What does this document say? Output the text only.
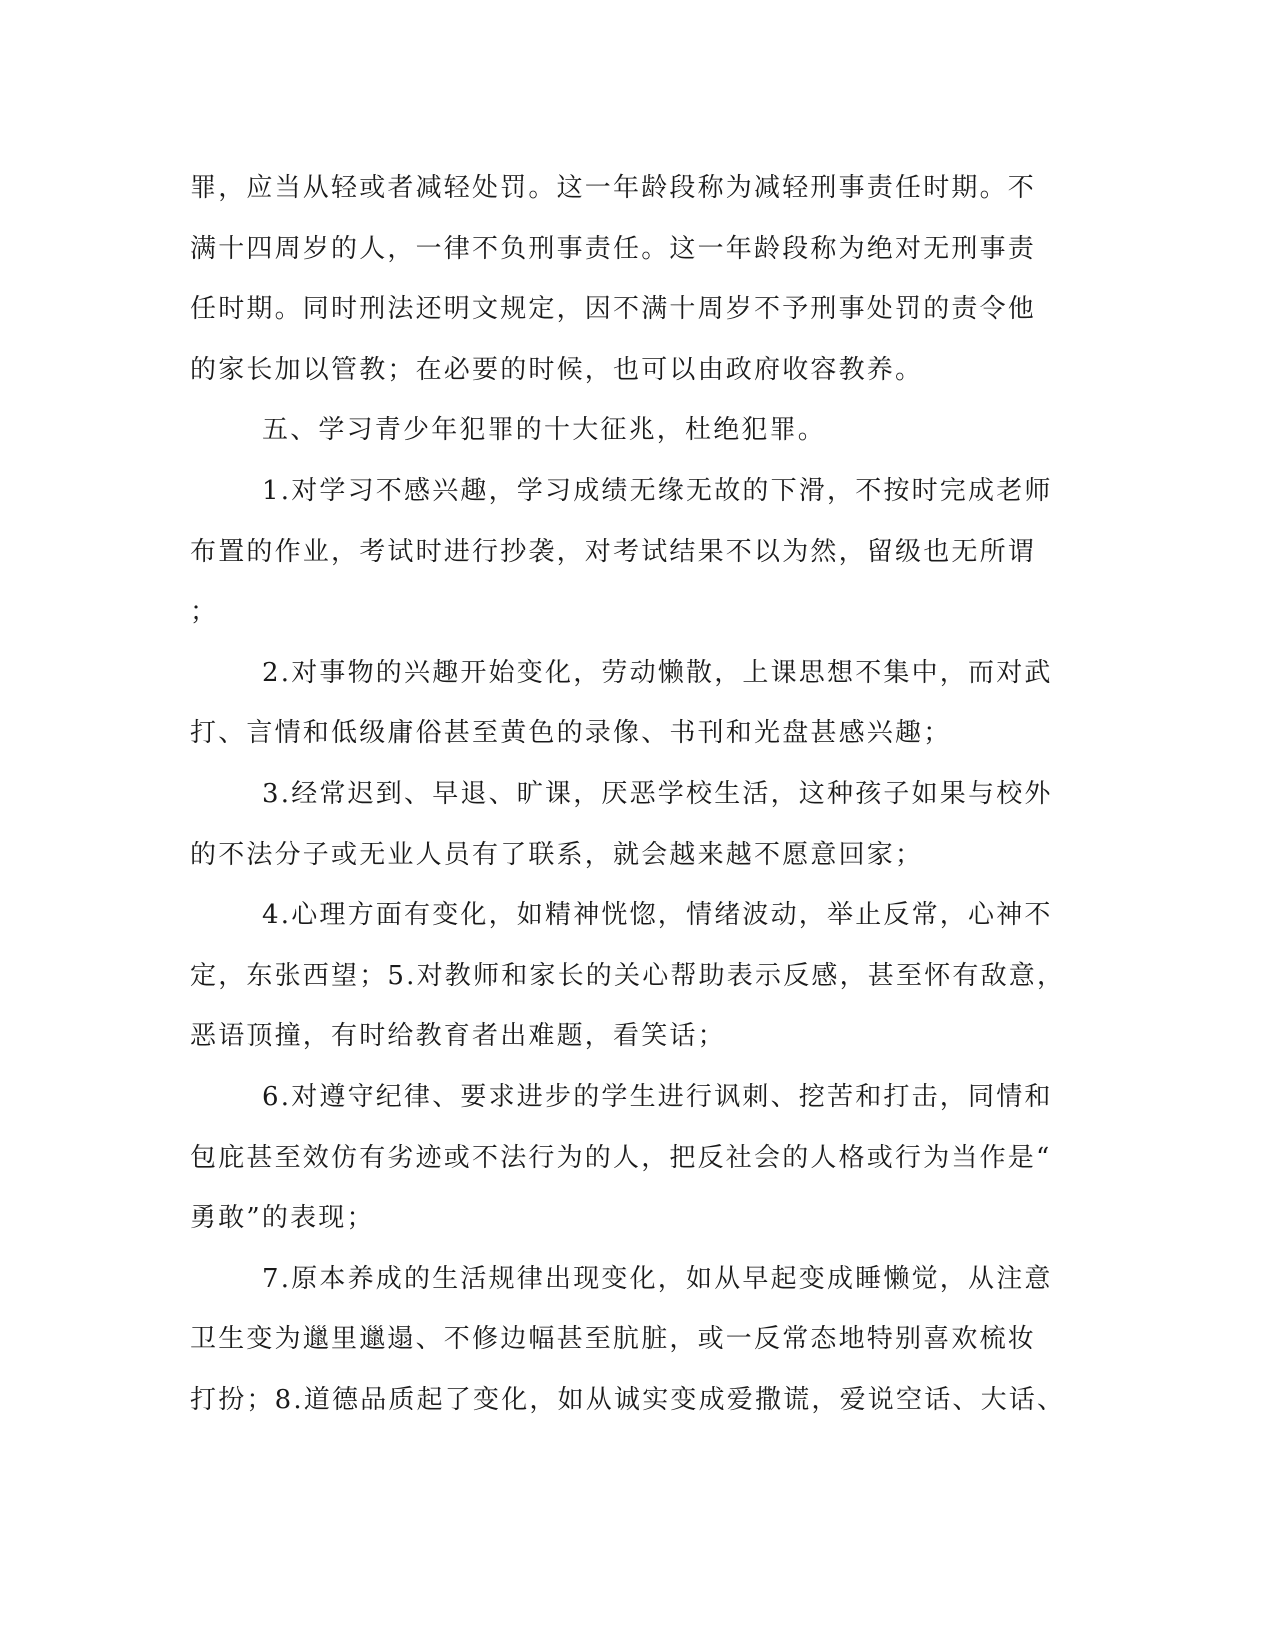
罪，应当从轻或者减轻处罚。这一年龄段称为减轻刑事责任时期。不

满十四周岁的人，一律不负刑事责任。这一年龄段称为绝对无刑事责

任时期。同时刑法还明文规定，因不满十周岁不予刑事处罚的责令他

的家长加以管教；在必要的时候，也可以由政府收容教养。

五、学习青少年犯罪的十大征兆，杜绝犯罪。

1.对学习不感兴趣，学习成绩无缘无故的下滑，不按时完成老师

布置的作业，考试时进行抄袭，对考试结果不以为然，留级也无所谓

；

2.对事物的兴趣开始变化，劳动懒散，上课思想不集中，而对武

打、言情和低级庸俗甚至黄色的录像、书刊和光盘甚感兴趣；

3.经常迟到、早退、旷课，厌恶学校生活，这种孩子如果与校外

的不法分子或无业人员有了联系，就会越来越不愿意回家；

4.心理方面有变化，如精神恍惚，情绪波动，举止反常，心神不

定，东张西望；5.对教师和家长的关心帮助表示反感，甚至怀有敌意，

恶语顶撞，有时给教育者出难题，看笑话；

6.对遵守纪律、要求进步的学生进行讽刺、挖苦和打击，同情和

包庇甚至效仿有劣迹或不法行为的人，把反社会的人格或行为当作是“

勇敢”的表现；

7.原本养成的生活规律出现变化，如从早起变成睡懒觉，从注意

卫生变为邋里邋遢、不修边幅甚至肮脏，或一反常态地特别喜欢梳妆

打扮；8.道德品质起了变化，如从诚实变成爱撒谎，爱说空话、大话、
